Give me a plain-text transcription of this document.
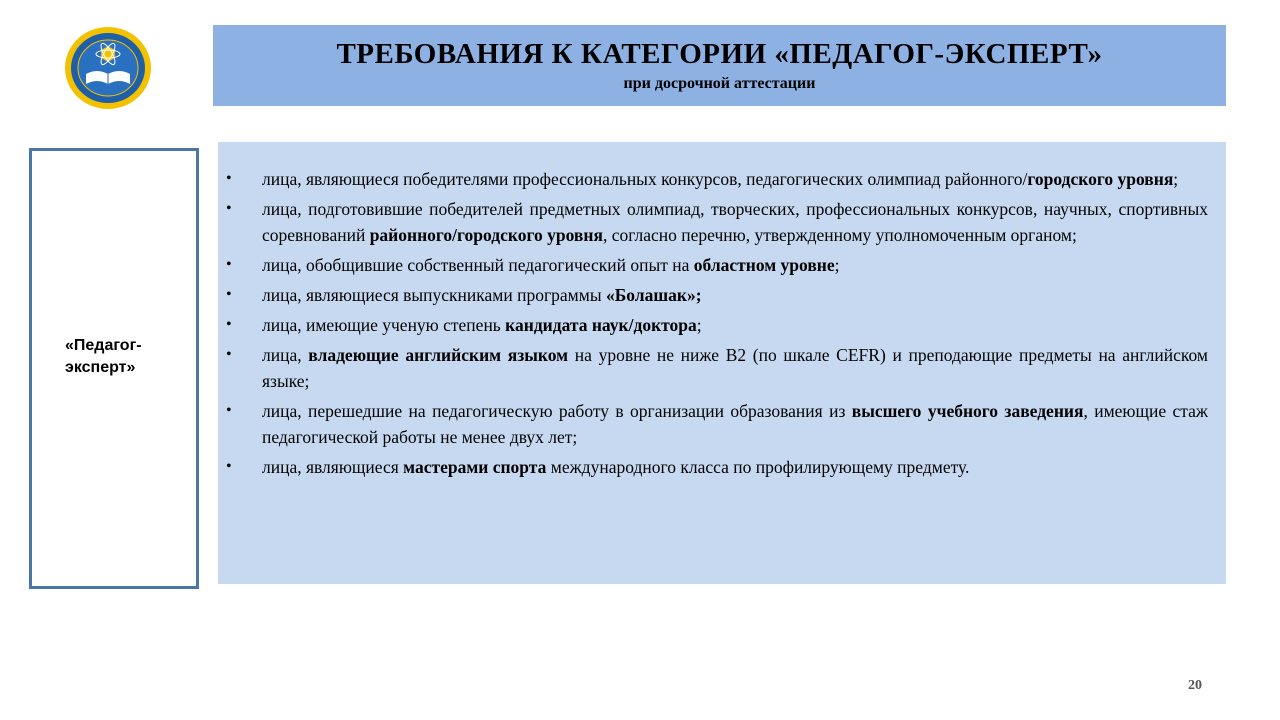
ТРЕБОВАНИЯ К КАТЕГОРИИ «ПЕДАГОГ-ЭКСПЕРТ»
при досрочной аттестации
«Педагог-
эксперт»
• лица, являющиеся победителями профессиональных конкурсов, педагогических олимпиад районного/городского уровня;
• лица, подготовившие победителей предметных олимпиад, творческих, профессиональных конкурсов, научных, спортивных соревнований районного/городского уровня, согласно перечню, утвержденному уполномоченным органом;
• лица, обобщившие собственный педагогический опыт на областном уровне;
• лица, являющиеся выпускниками программы «Болашак»;
• лица, имеющие ученую степень кандидата наук/доктора;
• лица, владеющие английским языком на уровне не ниже В2 (по шкале CEFR) и преподающие предметы на английском языке;
• лица, перешедшие на педагогическую работу в организации образования из высшего учебного заведения, имеющие стаж педагогической работы не менее двух лет;
• лица, являющиеся мастерами спорта международного класса по профилирующему предмету.
20
